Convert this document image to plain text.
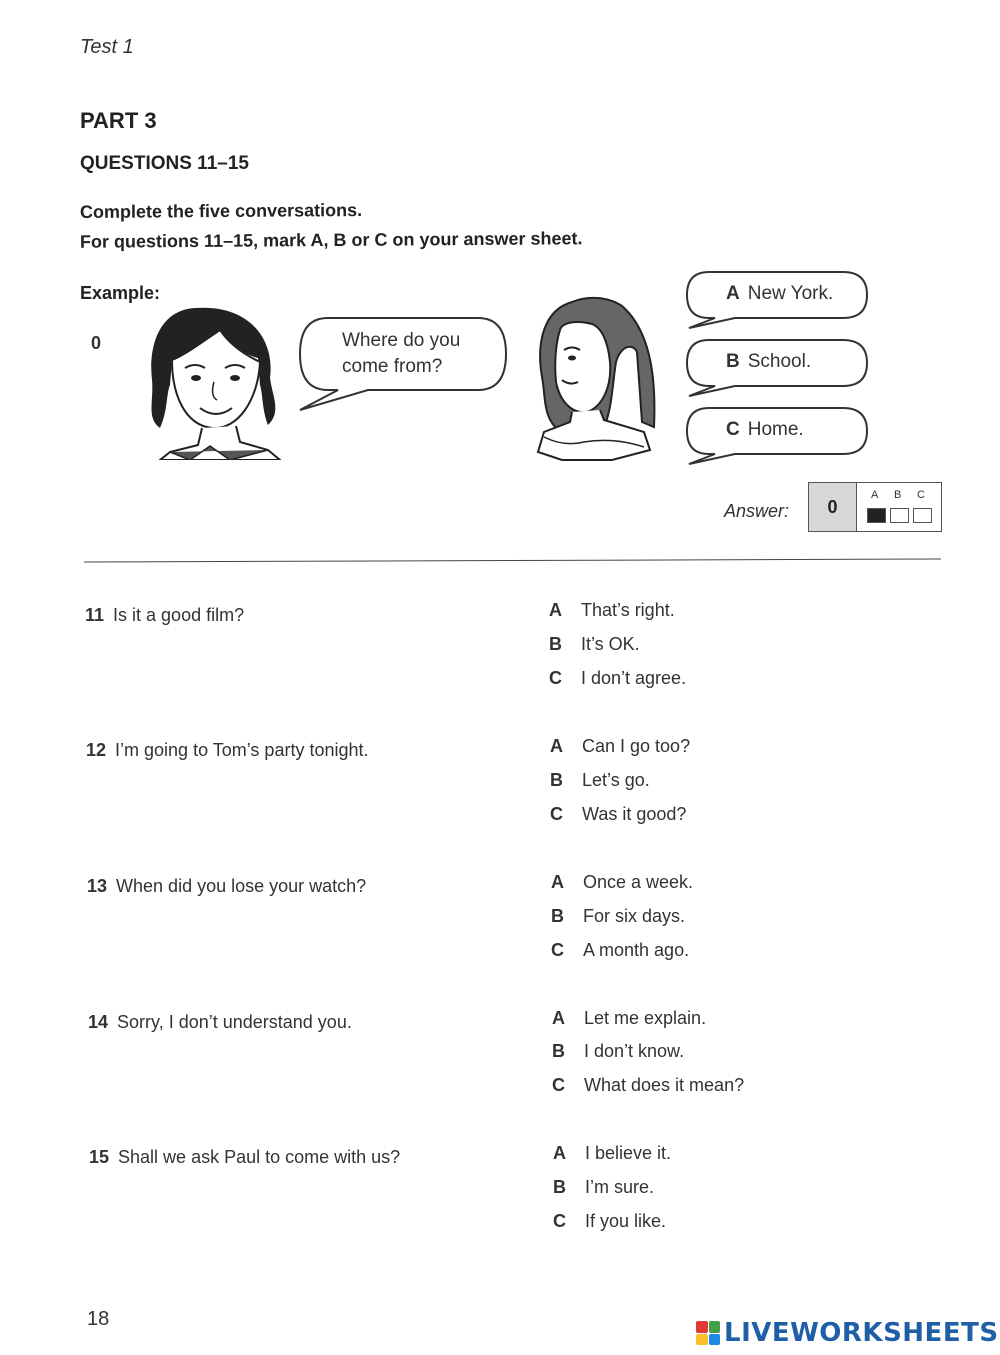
Test 1
PART 3
QUESTIONS 11–15
Complete the five conversations.
For questions 11–15, mark A, B or C on your answer sheet.
Example:
0	Where do you
come from?
A New York.
B School.
C Home.
Answer:	0
A B C
11 Is it a good film?	A That’s right.
B It’s OK.
C I don’t agree.
12 I’m going to Tom’s party tonight.	A Can I go too?
B Let’s go.
C Was it good?
13 When did you lose your watch?	A Once a week.
B For six days.
C A month ago.
14 Sorry, I don’t understand you.	A Let me explain.
B I don’t know.
C What does it mean?
15 Shall we ask Paul to come with us?	A I believe it.
B I’m sure.
C If you like.
18	LIVEWORKSHEETS
